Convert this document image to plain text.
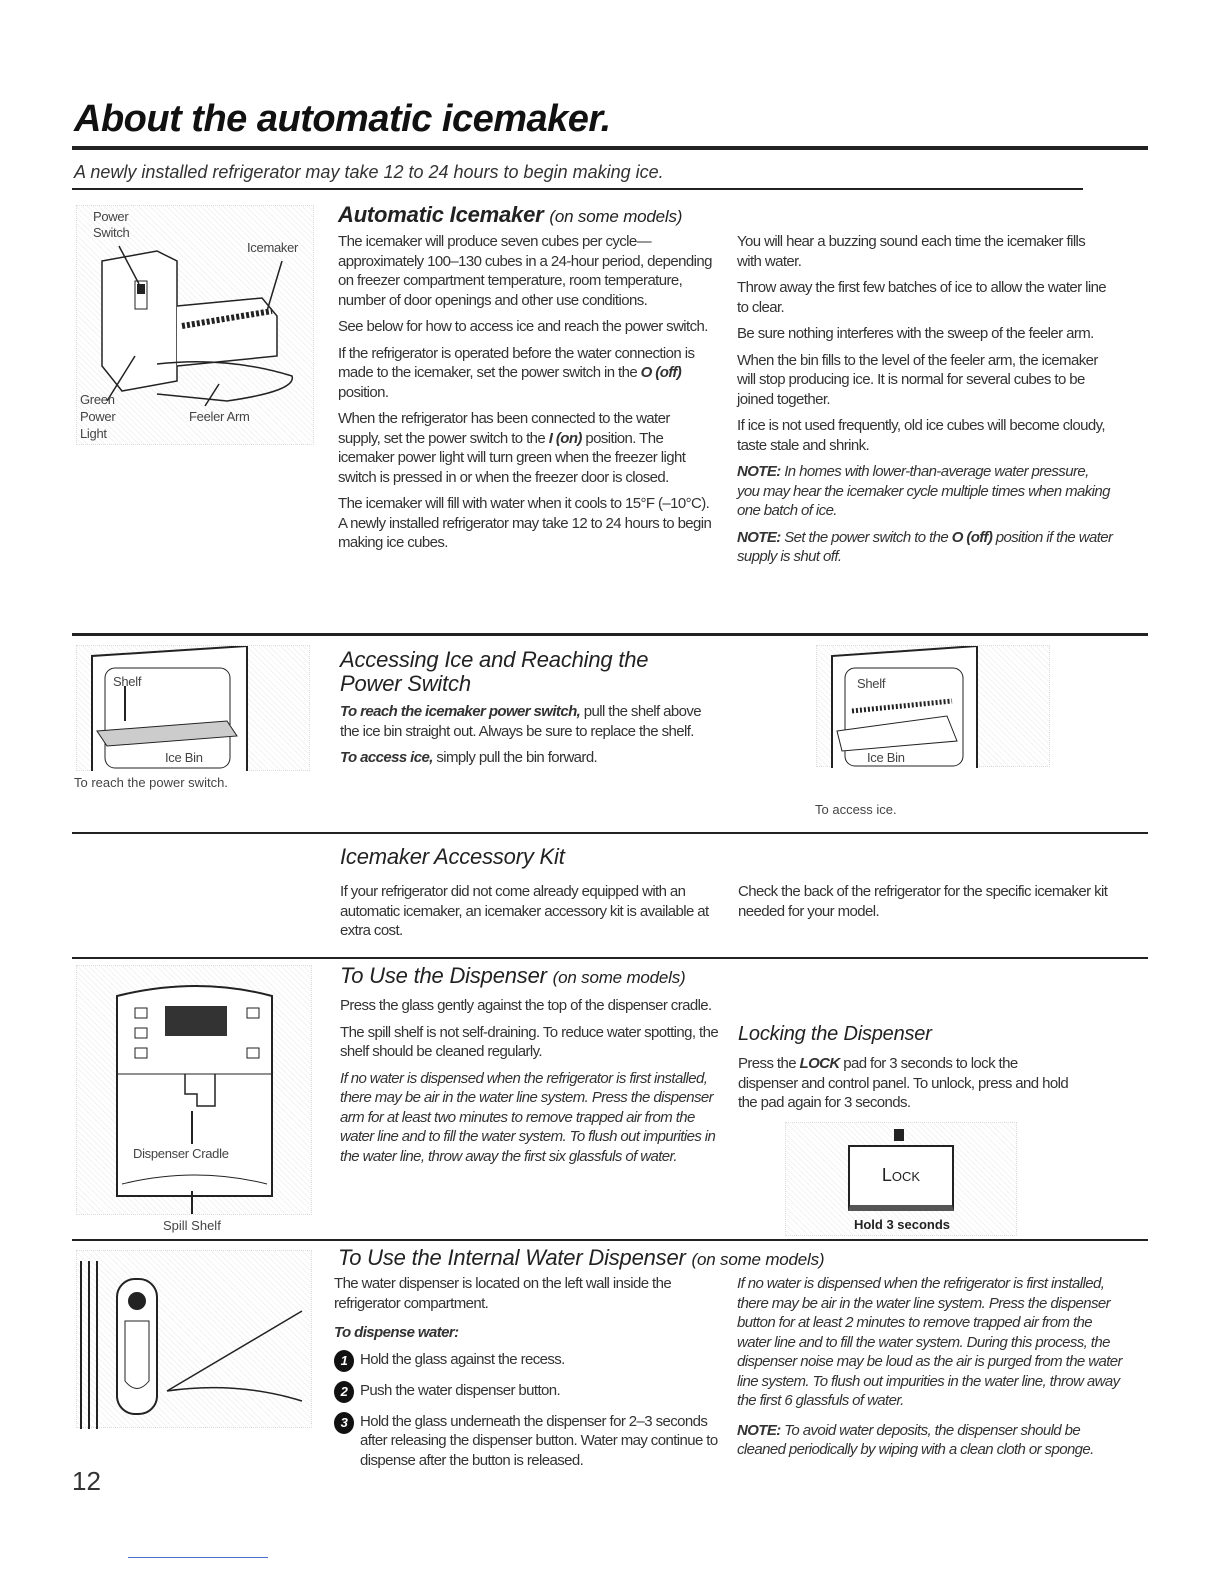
About the automatic icemaker.
A newly installed refrigerator may take 12 to 24 hours to begin making ice.
Power
Switch
Icemaker
Green
Power
Light
Feeler Arm
Automatic Icemaker (on some models)

The icemaker will produce seven cubes per cycle—approximately 100–130 cubes in a 24-hour period, depending on freezer compartment temperature, room temperature, number of door openings and other use conditions.

See below for how to access ice and reach the power switch.

If the refrigerator is operated before the water connection is made to the icemaker, set the power switch in the O (off) position.

When the refrigerator has been connected to the water supply, set the power switch to the I (on) position. The icemaker power light will turn green when the freezer light switch is pressed in or when the freezer door is closed.

The icemaker will fill with water when it cools to 15°F (–10°C). A newly installed refrigerator may take 12 to 24 hours to begin making ice cubes.

You will hear a buzzing sound each time the icemaker fills with water.

Throw away the first few batches of ice to allow the water line to clear.

Be sure nothing interferes with the sweep of the feeler arm.

When the bin fills to the level of the feeler arm, the icemaker will stop producing ice. It is normal for several cubes to be joined together.

If ice is not used frequently, old ice cubes will become cloudy, taste stale and shrink.

NOTE: In homes with lower-than-average water pressure, you may hear the icemaker cycle multiple times when making one batch of ice.

NOTE: Set the power switch to the O (off) position if the water supply is shut off.

Shelf
Ice Bin
To reach the power switch.
Accessing Ice and Reaching the
Power Switch

To reach the icemaker power switch, pull the shelf above the ice bin straight out. Always be sure to replace the shelf.

To access ice, simply pull the bin forward.

Shelf
Ice Bin
To access ice.
Icemaker Accessory Kit
If your refrigerator did not come already equipped with an automatic icemaker, an icemaker accessory kit is available at extra cost.
Check the back of the refrigerator for the specific icemaker kit needed for your model.
Dispenser Cradle
Spill Shelf
To Use the Dispenser (on some models)

Press the glass gently against the top of the dispenser cradle.

The spill shelf is not self-draining. To reduce water spotting, the shelf should be cleaned regularly.

If no water is dispensed when the refrigerator is first installed, there may be air in the water line system. Press the dispenser arm for at least two minutes to remove trapped air from the water line and to fill the water system. To flush out impurities in the water line, throw away the first six glassfuls of water.

Locking the Dispenser

Press the LOCK pad for 3 seconds to lock the dispenser and control panel. To unlock, press and hold the pad again for 3 seconds.

Lock
Hold 3 seconds
To Use the Internal Water Dispenser (on some models)

The water dispenser is located on the left wall inside the refrigerator compartment.

To dispense water:

1 Hold the glass against the recess.
2 Push the water dispenser button.
3 Hold the glass underneath the dispenser for 2–3 seconds after releasing the dispenser button. Water may continue to dispense after the button is released.

If no water is dispensed when the refrigerator is first installed, there may be air in the water line system. Press the dispenser button for at least 2 minutes to remove trapped air from the water line and to fill the water system. During this process, the dispenser noise may be loud as the air is purged from the water line system. To flush out impurities in the water line, throw away the first 6 glassfuls of water.

NOTE: To avoid water deposits, the dispenser should be cleaned periodically by wiping with a clean cloth or sponge.

12
